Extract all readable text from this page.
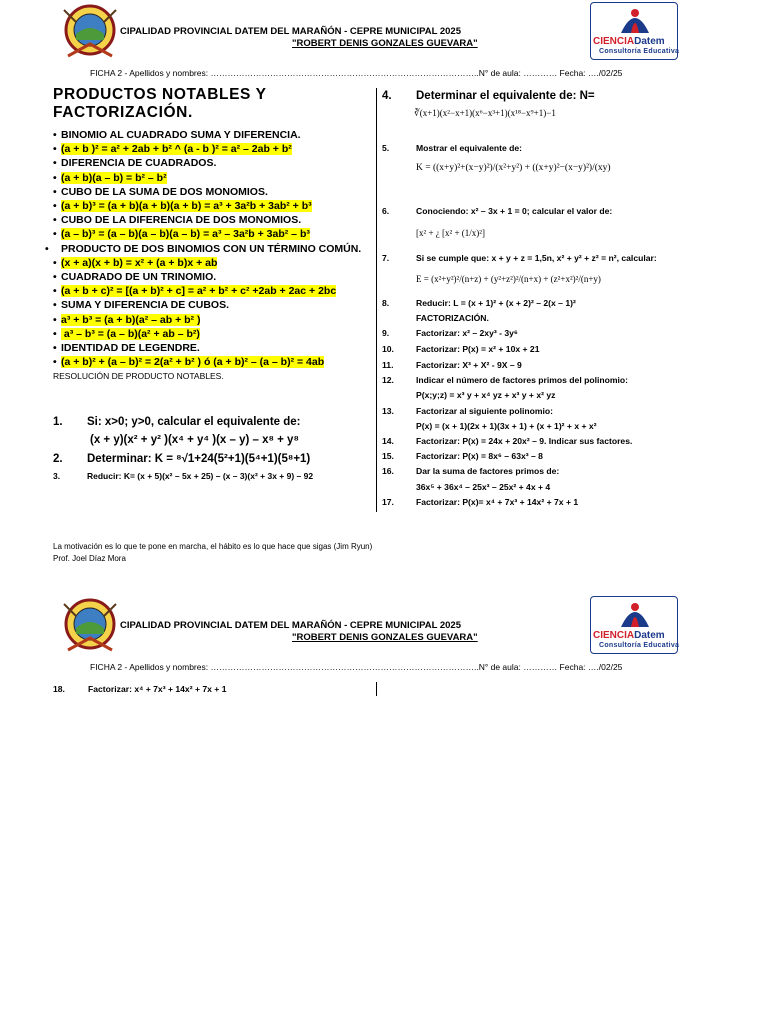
CIPALIDAD PROVINCIAL DATEM DEL MARAÑÓN - CEPRE MUNICIPAL 2025
"ROBERT DENIS GONZALES GUEVARA"	CIENCIADatem
Consultoría Educativa
FICHA 2 - Apellidos y nombres: …………………………………………………………………………………..N° de aula: ………… Fecha: …./02/25
PRODUCTOS NOTABLES Y
FACTORIZACIÓN.
• BINOMIO AL CUADRADO SUMA Y DIFERENCIA.
• (a + b )² = a² + 2ab + b² ^ (a - b )² = a² – 2ab + b²
• DIFERENCIA DE CUADRADOS.
• (a + b)(a – b) = b² – b²
• CUBO DE LA SUMA DE DOS MONOMIOS.
• (a + b)³ = (a + b)(a + b)(a + b) = a³ + 3a²b + 3ab² + b³
• CUBO DE LA DIFERENCIA DE DOS MONOMIOS.
• (a – b)³ = (a – b)(a – b)(a – b) = a³ – 3a²b + 3ab² – b³
• PRODUCTO DE DOS BINOMIOS CON UN TÉRMINO COMÚN.
• (x + a)(x + b) = x² + (a + b)x + ab
• CUADRADO DE UN TRINOMIO.
• (a + b + c)² = [(a + b)² + c] = a² + b² + c² +2ab + 2ac + 2bc
• SUMA Y DIFERENCIA DE CUBOS.
• a³ + b³ = (a + b)(a² – ab + b² )
• a³ – b³ = (a – b)(a² + ab – b²)
• IDENTIDAD DE LEGENDRE.
• (a + b)² + (a – b)² = 2(a² + b² ) ó (a + b)² – (a – b)² = 4ab
RESOLUCIÓN DE PRODUCTO NOTABLES.
1. Si: x>0; y>0, calcular el equivalente de:
(x + y)(x² + y² )(x⁴ + y⁴ )(x – y) – x⁸ + y⁸
2. Determinar: K = ⁸√1+24(5²+1)(5⁴+1)(5⁸+1)
3.	Reducir: K= (x + 5)(x² – 5x + 25) – (x – 3)(x² + 3x + 9) – 92
4. Determinar el equivalente de: N=
∛(x+1)(x²−x+1)(x⁶−x³+1)(x¹⁸−x⁹+1)−1
5.	Mostrar el equivalente de:
K = ((x+y)²+(x−y)²)/(x²+y²) + ((x+y)²−(x−y)²)/(xy)
6.	Conociendo: x² – 3x + 1 = 0; calcular el valor de:
[x² + ¿ [x² + (1/x)²]
7.	Si se cumple que: x + y + z = 1,5n, x² + y² + z² = n², calcular:
E = (x²+y²)²/(n+z) + (y²+z²)²/(n+x) + (z²+x²)²/(n+y)
8.	Reducir: L = (x + 1)² + (x + 2)² – 2(x – 1)²
FACTORIZACIÓN.
9.	Factorizar: x² – 2xy³ - 3y⁶
10.	Factorizar: P(x) = x² + 10x + 21
11.	Factorizar: X³ + X² - 9X – 9
12.	Indicar el número de factores primos del polinomio:
P(x;y;z) = x³ y + x⁴ yz + x³ y + x² yz
13.	Factorizar al siguiente polinomio:
P(x) = (x + 1)(2x + 1)(3x + 1) + (x + 1)² + x + x²
14.	Factorizar: P(x) = 24x + 20x² – 9. Indicar sus factores.
15.	Factorizar: P(x) = 8x⁶ – 63x³ – 8
16.	Dar la suma de factores primos de:
36x⁵ + 36x⁴ – 25x³ – 25x² + 4x + 4
17.	Factorizar: P(x)= x⁴ + 7x³ + 14x² + 7x + 1
La motivación es lo que te pone en marcha, el hábito es lo que hace que sigas (Jim Ryun)
Prof. Joel Díaz Mora
CIPALIDAD PROVINCIAL DATEM DEL MARAÑÓN - CEPRE MUNICIPAL 2025
"ROBERT DENIS GONZALES GUEVARA"	CIENCIADatem
Consultoría Educativa
FICHA 2 - Apellidos y nombres: …………………………………………………………………………………..N° de aula: ………… Fecha: …./02/25
18.	Factorizar: x⁴ + 7x³ + 14x² + 7x + 1
